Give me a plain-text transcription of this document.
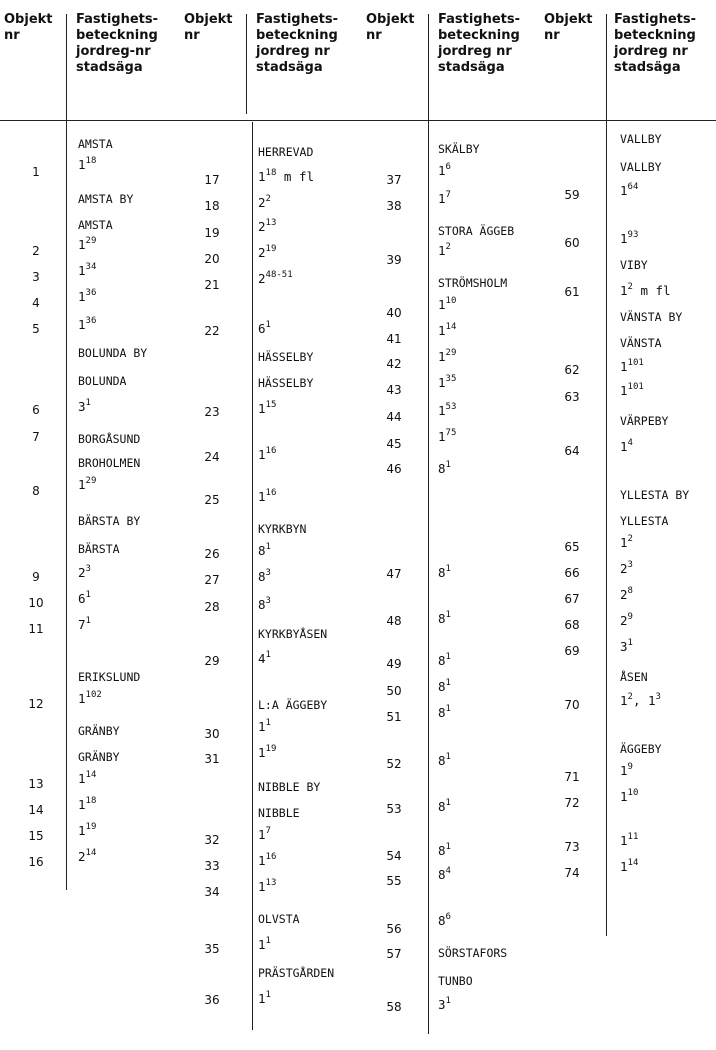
Objekt
nr
Fastighets-
beteckning
jordreg-nr
stadsäga
Objekt
nr
Fastighets-
beteckning
jordreg nr
stadsäga
Objekt
nr
Fastighets-
beteckning
jordreg nr
stadsäga
Objekt
nr
Fastighets-
beteckning
jordreg nr
stadsäga
1
2
3
4
5
6
7
8
9
10
11
12
13
14
15
16
AMSTA
$1^{18}$
AMSTA BY
AMSTA
$1^{29}$
$1^{34}$
$1^{36}$
$1^{36}$
BOLUNDA BY
BOLUNDA
$3^1$
BORGÅSUND
BROHOLMEN
$1^{29}$
BÄRSTA BY
BÄRSTA
$2^3$
$6^1$
$7^1$
ERIKSLUND
$1^{102}$
GRÄNBY
GRÄNBY
$1^{14}$
$1^{18}$
$1^{19}$
$2^{14}$
17
18
19
20
21
22
23
24
25
26
27
28
29
30
31
32
33
34
35
36
HERREVAD
$1^{18}$ m fl
$2^2$
$2^{13}$
$2^{19}$
2$^{48-51}$
$6^1$
HÄSSELBY
HÄSSELBY
$1^{15}$
$1^{16}$
$1^{16}$
KYRKBYN
$8^1$
$8^3$
$8^3$
KYRKBYÅSEN
$4^1$
L:A ÄGGEBY
$1^1$
$1^{19}$
NIBBLE BY
NIBBLE
$1^7$
$1^{16}$
$1^{13}$
OLVSTA
$1^1$
PRÄSTGÅRDEN
$1^1$
37
38
39
40
41
42
43
44
45
46
47
48
49
50
51
52
53
54
55
56
57
58
SKÄLBY
$1^6$
$1^7$
STORA ÄGGEB
$1^2$
STRÖMSHOLM
$1^{10}$
$1^{14}$
$1^{29}$
$1^{35}$
$1^{53}$
$1^{75}$
$8^1$
$8^1$
$8^1$
$8^1$
$8^1$
$8^1$
$8^1$
$8^1$
$8^1$
$8^4$
$8^6$
SÖRSTAFORS
TUNBO
$3^1$
59
60
61
62
63
64
65
66
67
68
69
70
71
72
73
74
VALLBY
VALLBY
$1^{64}$
$1^{93}$
VIBY
$1^2$ m fl
VÄNSTA BY
VÄNSTA
$1^{101}$
$1^{101}$
VÄRPEBY
$1^4$
YLLESTA BY
YLLESTA
$1^2$
$2^3$
$2^8$
$2^9$
$3^1$
ÅSEN
$1^2$, $1^3$
ÄGGEBY
$1^9$
$1^{10}$
$1^{11}$
$1^{14}$
